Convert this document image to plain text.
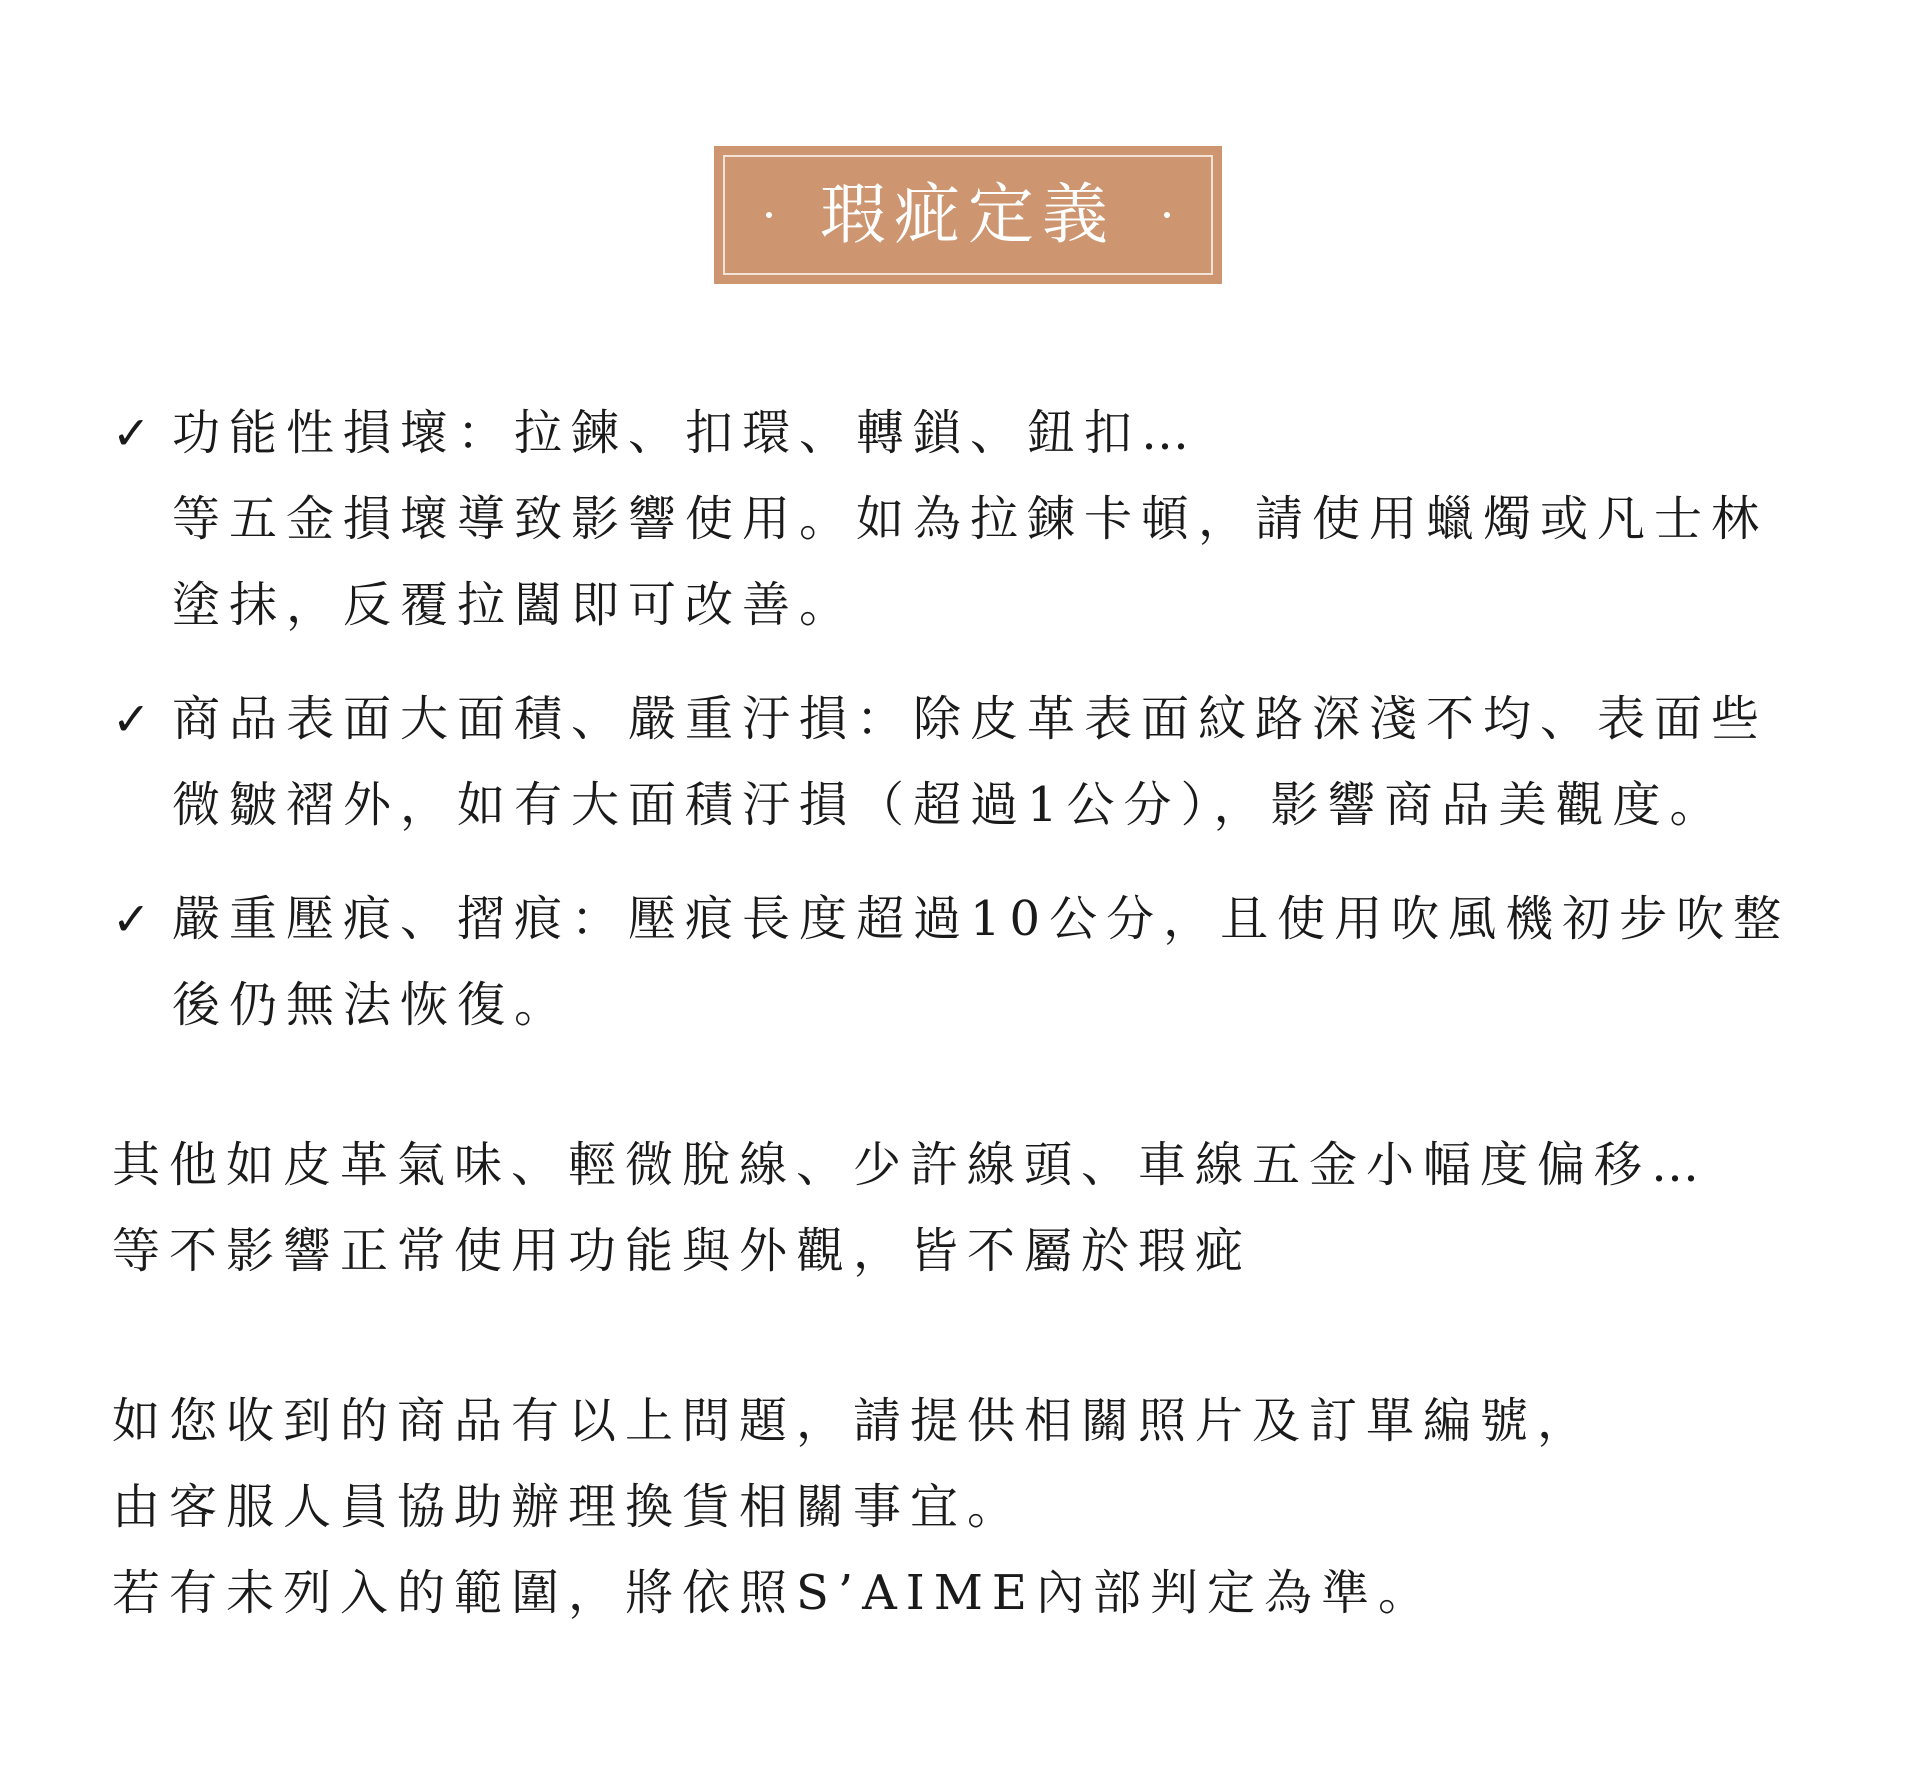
瑕疵定義
✓ 功能性損壞：拉鍊、扣環、轉鎖、鈕扣…
等五金損壞導致影響使用。如為拉鍊卡頓，請使用蠟燭或凡士林
塗抹，反覆拉闔即可改善。
✓ 商品表面大面積、嚴重汙損：除皮革表面紋路深淺不均、表面些
微皺褶外，如有大面積汙損（超過1公分），影響商品美觀度。
✓ 嚴重壓痕、摺痕：壓痕長度超過10公分，且使用吹風機初步吹整
後仍無法恢復。
其他如皮革氣味、輕微脫線、少許線頭、車線五金小幅度偏移…
等不影響正常使用功能與外觀，皆不屬於瑕疵
如您收到的商品有以上問題，請提供相關照片及訂單編號，
由客服人員協助辦理換貨相關事宜。
若有未列入的範圍，將依照S’AIME內部判定為準。
